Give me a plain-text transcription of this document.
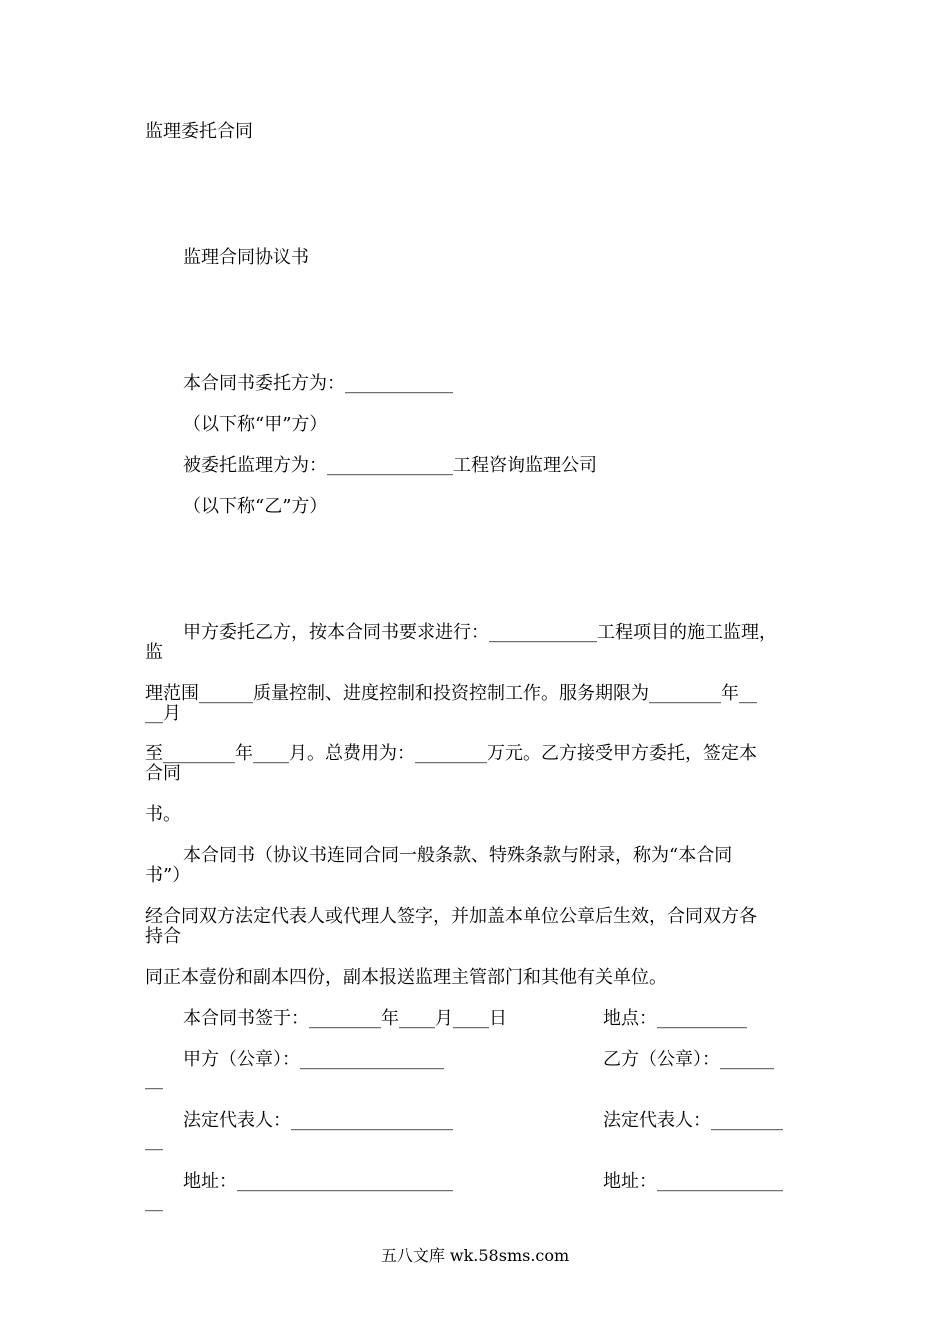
监理委托合同
监理合同协议书
本合同书委托方为：____________
（以下称“甲”方）
被委托监理方为：______________工程咨询监理公司
（以下称“乙”方）
甲方委托乙方，按本合同书要求进行：____________工程项目的施工监理，
监
理范围______质量控制、进度控制和投资控制工作。服务期限为________年__
__月
至________年____月。总费用为：________万元。乙方接受甲方委托，签定本
合同
书。
本合同书（协议书连同合同一般条款、特殊条款与附录，称为“本合同
书”）
经合同双方法定代表人或代理人签字，并加盖本单位公章后生效，合同双方各
持合
同正本壹份和副本四份，副本报送监理主管部门和其他有关单位。
本合同书签于：________年____月____日	地点：__________
甲方（公章）：________________	乙方（公章）：______
__
法定代表人：__________________	法定代表人：________
__
地址：________________________	地址：______________
__
五八文库 wk.58sms.com
